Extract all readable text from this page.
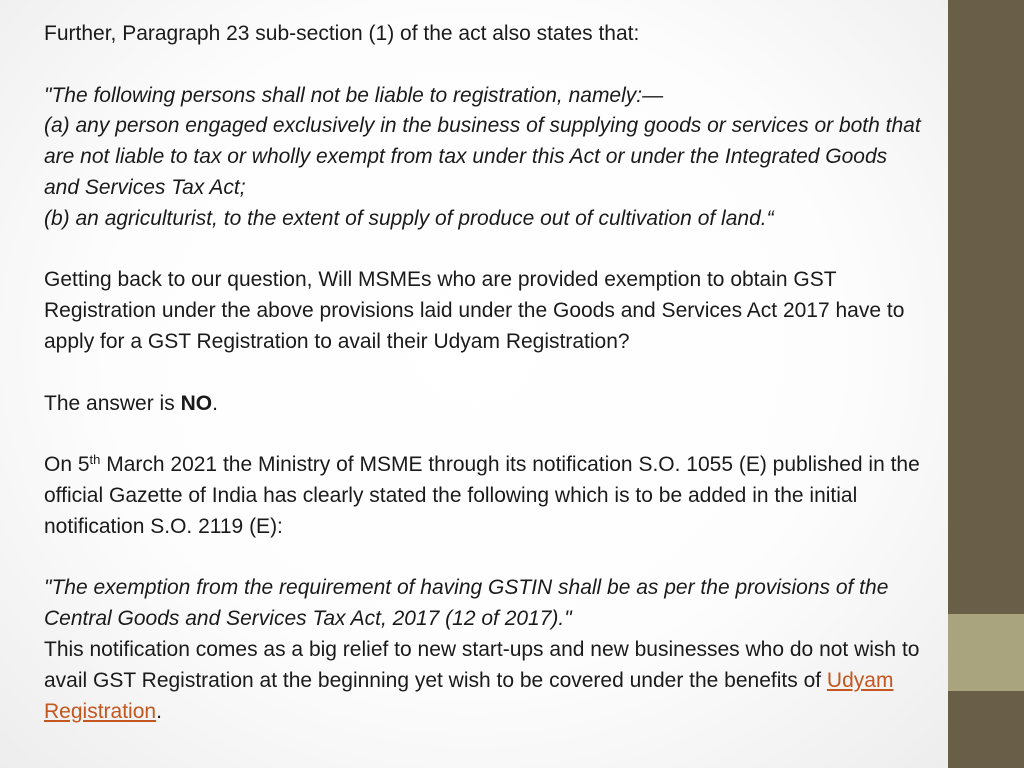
Further, Paragraph 23 sub-section (1) of the act also states that:

"The following persons shall not be liable to registration, namely:—

(a) any person engaged exclusively in the business of supplying goods or services or both that are not liable to tax or wholly exempt from tax under this Act or under the Integrated Goods and Services Tax Act;

(b) an agriculturist, to the extent of supply of produce out of cultivation of land.“

Getting back to our question, Will MSMEs who are provided exemption to obtain GST Registration under the above provisions laid under the Goods and Services Act 2017 have to apply for a GST Registration to avail their Udyam Registration?

The answer is NO.

On 5th March 2021 the Ministry of MSME through its notification S.O. 1055 (E) published in the official Gazette of India has clearly stated the following which is to be added in the initial notification S.O. 2119 (E):

"The exemption from the requirement of having GSTIN shall be as per the provisions of the Central Goods and Services Tax Act, 2017 (12 of 2017)."

This notification comes as a big relief to new start-ups and new businesses who do not wish to avail GST Registration at the beginning yet wish to be covered under the benefits of Udyam Registration.
